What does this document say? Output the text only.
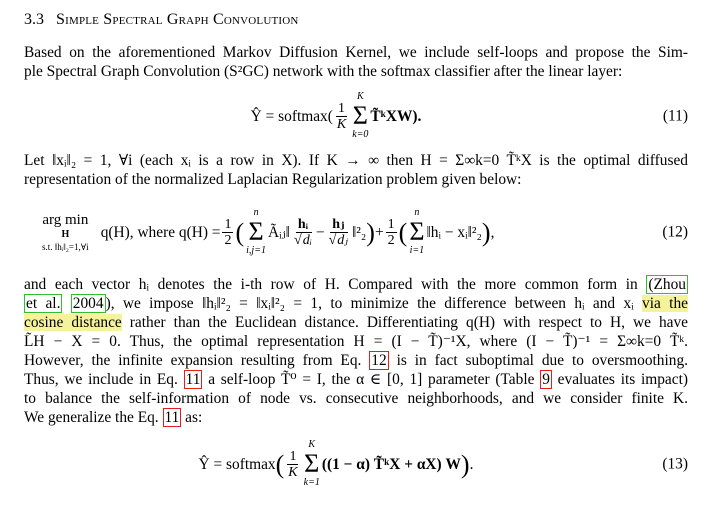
3.3 Simple Spectral Graph Convolution
Based on the aforementioned Markov Diffusion Kernel, we include self-loops and propose the Sim-
ple Spectral Graph Convolution (S²GC) network with the softmax classifier after the linear layer:
Ŷ = softmax( $\frac{1}{K}$
K
Σ
k=0
T̃ᵏXW).	(11)
Let ‖xᵢ‖₂ = 1, ∀i (each xᵢ is a row in X). If K → ∞ then H = Σ∞k=0 T̃ᵏX is the optimal diffused
representation of the normalized Laplacian Regularization problem given below:
arg min
H
s.t. ‖hᵢ‖₂=1,∀i
q(H), where $q(H) = \frac{1}{2}$ (
n
Σ
i,j=1
Ãᵢⱼ‖ $\frac{\text{hᵢ}}{\text{√dᵢ}} - \frac{\text{hⱼ}}{\text{√dⱼ}}$ ‖²₂ ) + $\frac{1}{2}$ (
n
Σ
i=1
‖hᵢ − xᵢ‖²₂ ) ,	(12)
and each vector hᵢ denotes the i-th row of H. Compared with the more common form in (Zhou
et al. 2004 ), we impose ‖hᵢ‖²₂ = ‖xᵢ‖²₂ = 1, to minimize the difference between hᵢ and xᵢ via the
cosine distance rather than the Euclidean distance. Differentiating q(H) with respect to H, we have
L̃H − X = 0. Thus, the optimal representation H = (I − T̃)⁻¹X, where (I − T̃)⁻¹ = Σ∞k=0 T̃ᵏ.
However, the infinite expansion resulting from Eq. 12 is in fact suboptimal due to oversmoothing.
Thus, we include in Eq. 11 a self-loop T̃⁰ = I, the α ∈ [0, 1] parameter (Table 9 evaluates its impact)
to balance the self-information of node vs. consecutive neighborhoods, and we consider finite K.
We generalize the Eq. 11 as:
Ŷ = softmax ( $\frac{1}{K}$
K
Σ
k=1
((1 − α) T̃ᵏX + αX) W ) .	(13)
